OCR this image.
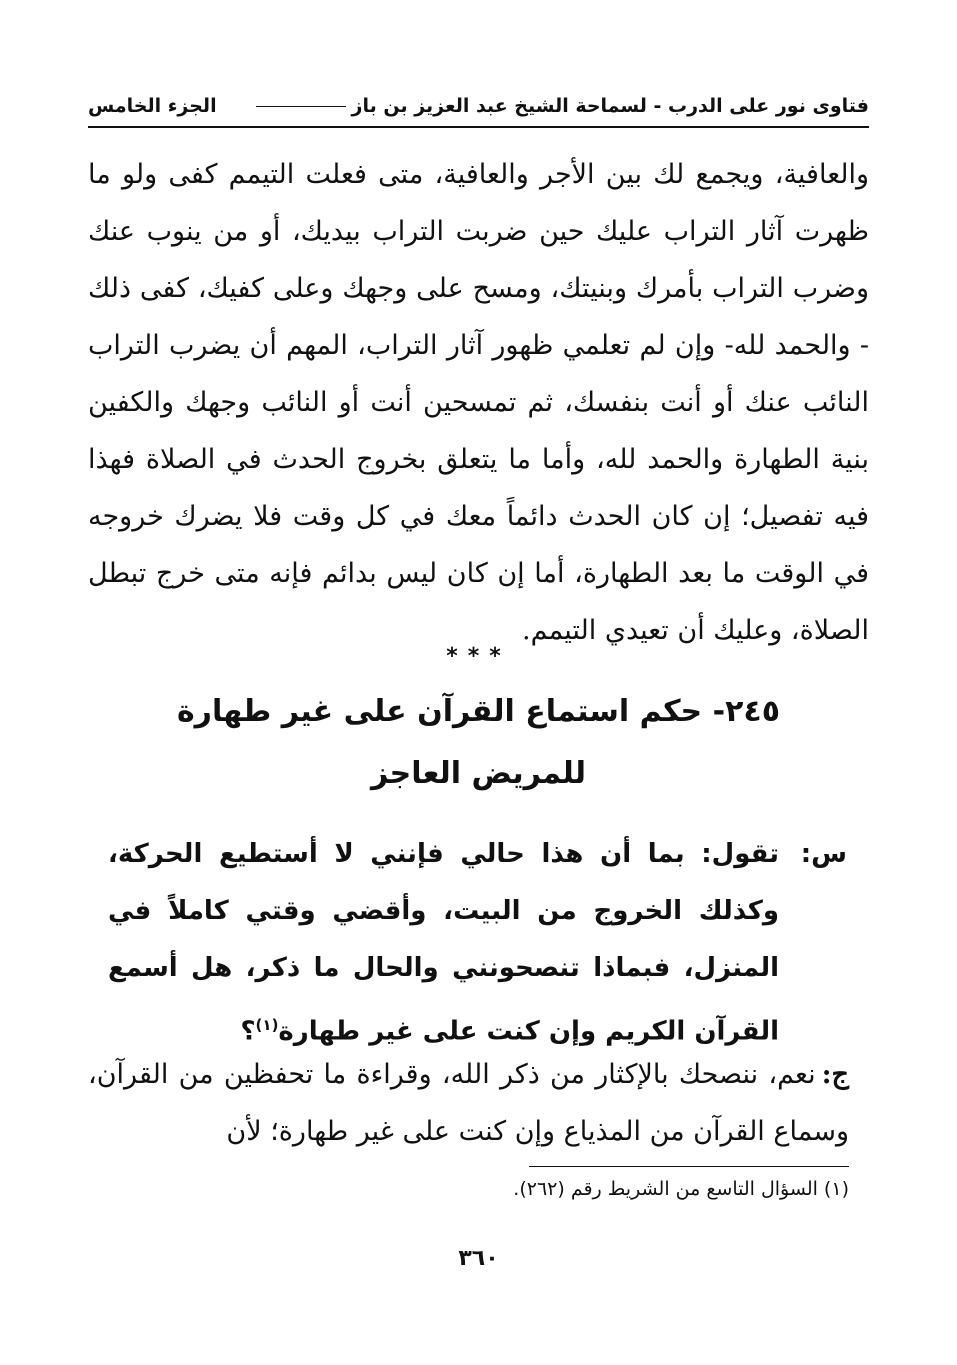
فتاوى نور على الدرب - لسماحة الشيخ عبد العزيز بن باز
الجزء الخامس

والعافية، ويجمع لك بين الأجر والعافية، متى فعلت التيمم كفى ولو ما ظهرت آثار التراب عليك حين ضربت التراب بيديك، أو من ينوب عنك وضرب التراب بأمرك وبنيتك، ومسح على وجهك وعلى كفيك، كفى ذلك - والحمد لله- وإن لم تعلمي ظهور آثار التراب، المهم أن يضرب التراب النائب عنك أو أنت بنفسك، ثم تمسحين أنت أو النائب وجهك والكفين بنية الطهارة والحمد لله، وأما ما يتعلق بخروج الحدث في الصلاة فهذا فيه تفصيل؛ إن كان الحدث دائماً معك في كل وقت فلا يضرك خروجه في الوقت ما بعد الطهارة، أما إن كان ليس بدائم فإنه متى خرج تبطل الصلاة، وعليك أن تعيدي التيمم.

***
٢٤٥- حكم استماع القرآن على غير طهارة
للمريض العاجز
س:
تقول: بما أن هذا حالي فإنني لا أستطيع الحركة، وكذلك الخروج من البيت، وأقضي وقتي كاملاً في المنزل، فبماذا تنصحونني والحال ما ذكر، هل أسمع القرآن الكريم وإن كنت على غير طهارة$^{(١)}$؟
ج:نعم، ننصحك بالإكثار من ذكر الله، وقراءة ما تحفظين من القرآن، وسماع القرآن من المذياع وإن كنت على غير طهارة؛ لأن
(١) السؤال التاسع من الشريط رقم (٢٦٢).
٣٦٠
